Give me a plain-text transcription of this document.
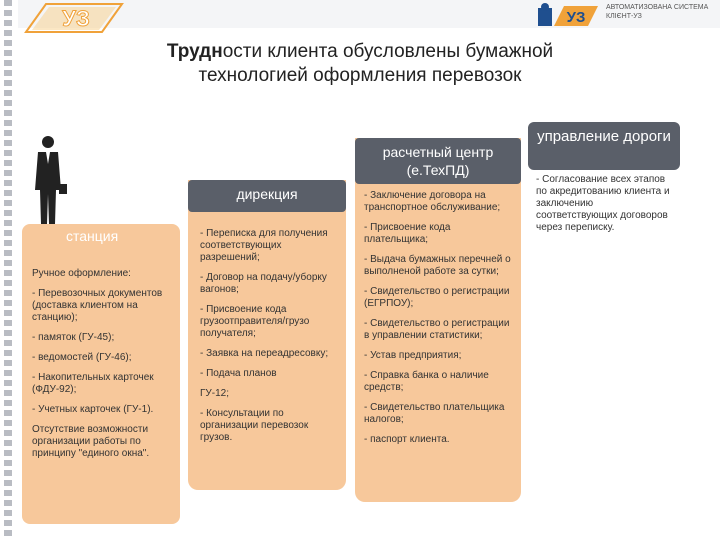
УЗ	УЗ
АВТОМАТИЗОВАНА СИСТЕМА КЛІЄНТ-УЗ
Трудности клиента обусловлены бумажной
технологией оформления перевозок
дирекция
расчетный центр (е.ТехПД)
управление дороги
станция

Ручное оформление:

- Перевозочных документов (доставка клиентом на станцию);

- памяток (ГУ-45);

- ведомостей (ГУ-46);

- Накопительных карточек (ФДУ-92);

- Учетных карточек (ГУ-1).

Отсутствие возможности организации работы по принципу "единого окна".

- Переписка для получения соответствующих разрешений;

- Договор на подачу/уборку вагонов;

- Присвоение кода грузоотправителя/грузо получателя;

- Заявка на переадресовку;

- Подача планов

ГУ-12;

- Консультации по организации перевозок грузов.

- Заключение договора на транспортное обслуживание;

- Присвоение кода плательщика;

- Выдача бумажных перечней о выполненой работе за сутки;

- Свидетельство о регистрации (ЕГРПОУ);

- Свидетельство о регистрации в управлении статистики;

- Устав предприятия;

- Справка банка о наличие средств;

- Свидетельство плательщика налогов;

- паспорт клиента.

- Согласование всех этапов по акредитованию клиента и заключению соответствующих договоров через переписку.
